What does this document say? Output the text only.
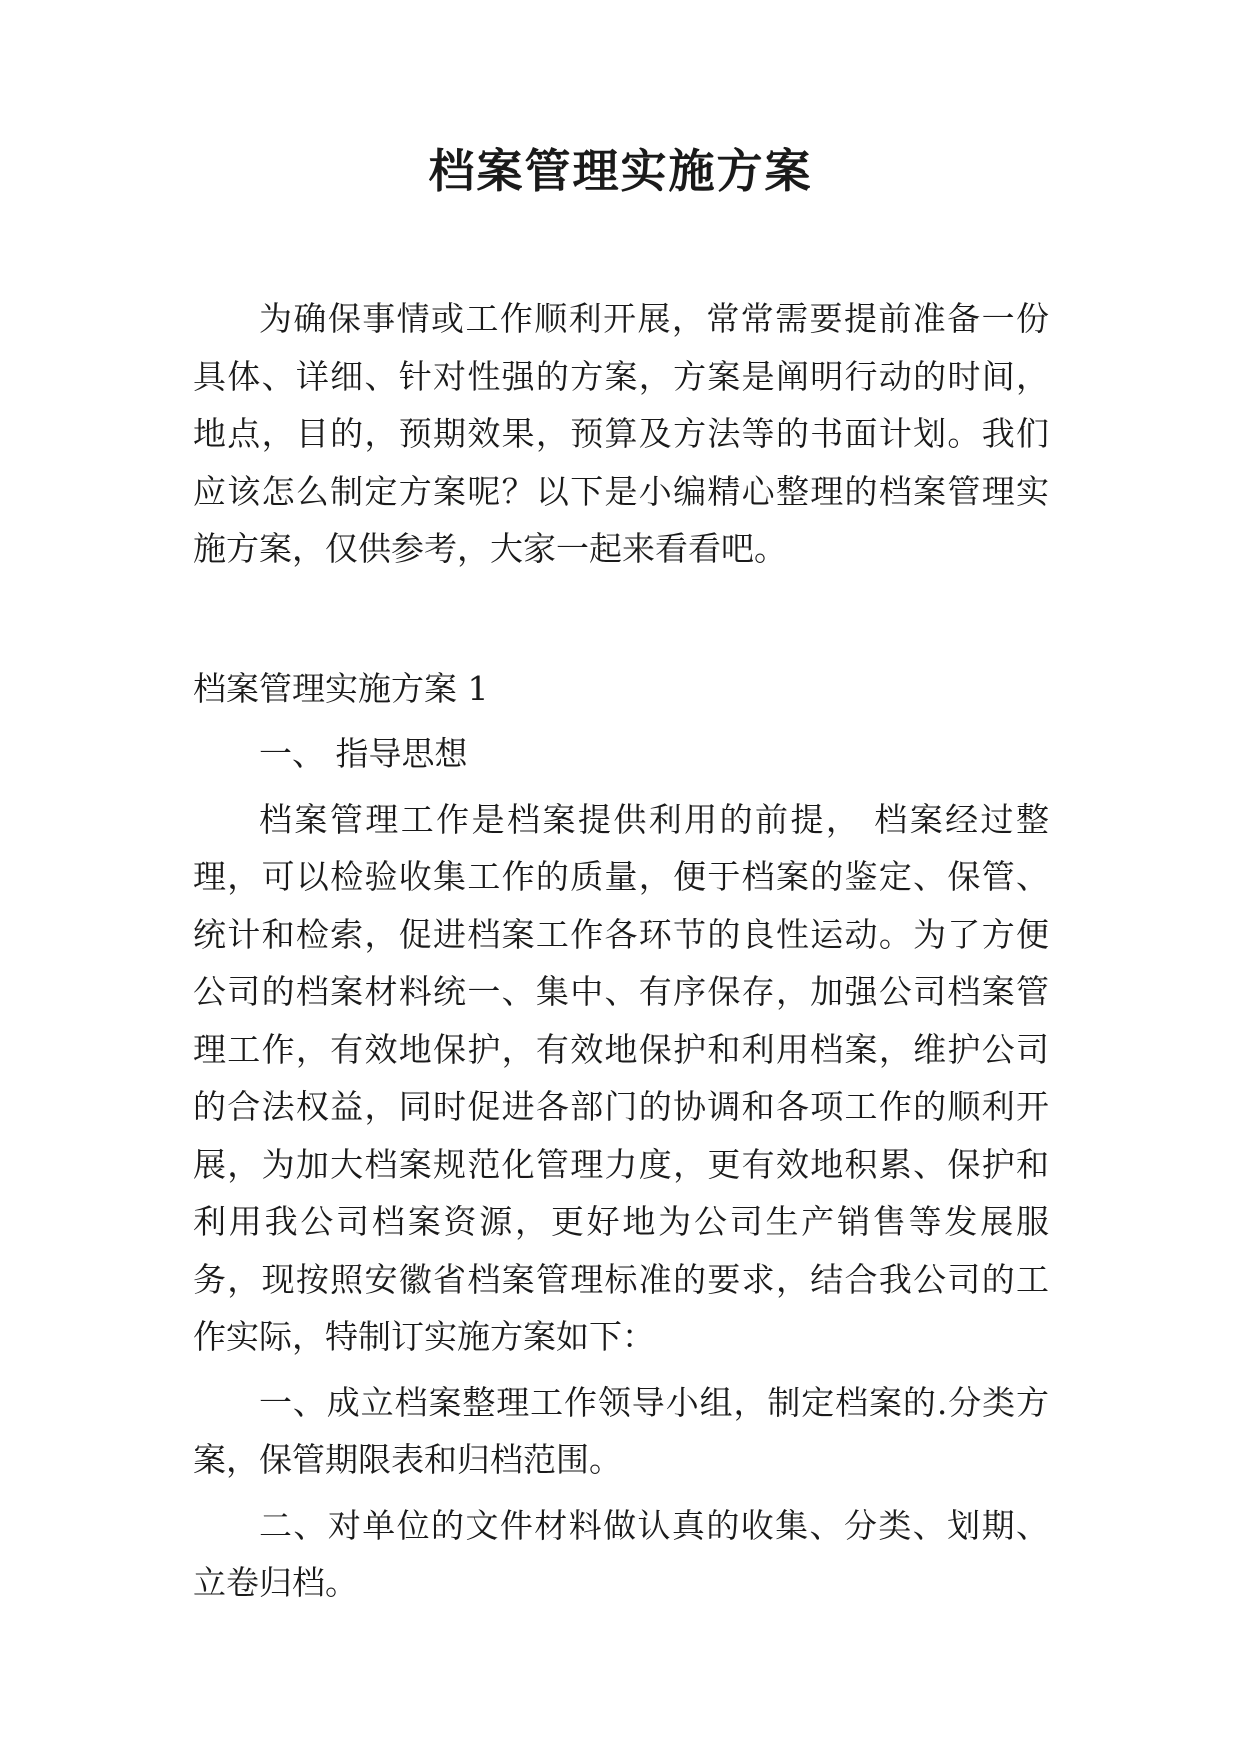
档案管理实施方案

为确保事情或工作顺利开展，常常需要提前准备一份具体、详细、针对性强的方案，方案是阐明行动的时间，地点，目的，预期效果，预算及方法等的书面计划。我们应该怎么制定方案呢？以下是小编精心整理的档案管理实施方案，仅供参考，大家一起来看看吧。

档案管理实施方案 1

一、 指导思想

档案管理工作是档案提供利用的前提， 档案经过整理，可以检验收集工作的质量，便于档案的鉴定、保管、统计和检索，促进档案工作各环节的良性运动。为了方便公司的档案材料统一、集中、有序保存，加强公司档案管理工作，有效地保护，有效地保护和利用档案，维护公司的合法权益，同时促进各部门的协调和各项工作的顺利开展，为加大档案规范化管理力度，更有效地积累、保护和利用我公司档案资源，更好地为公司生产销售等发展服务，现按照安徽省档案管理标准的要求，结合我公司的工作实际，特制订实施方案如下：

一、成立档案整理工作领导小组，制定档案的.分类方案，保管期限表和归档范围。

二、对单位的文件材料做认真的收集、分类、划期、立卷归档。
